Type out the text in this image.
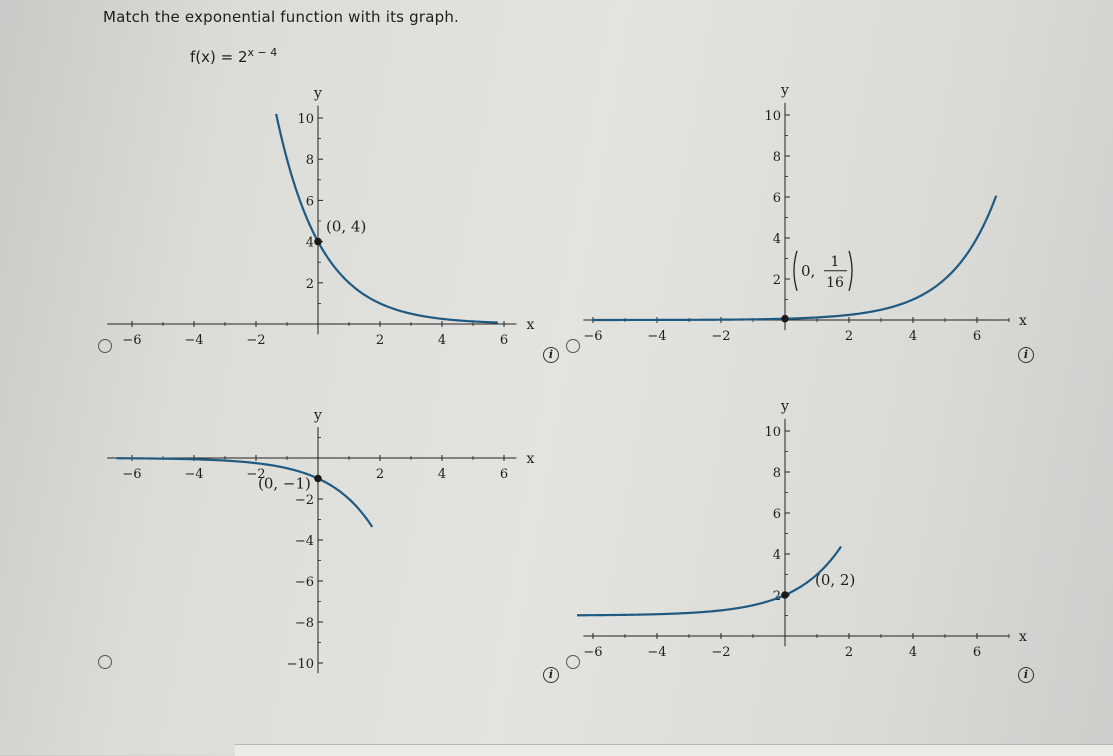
Match the exponential function with its graph.
$f(x) = 2^{x - 4}$
−6	−4	−2	2	4	6
2
4
6
8
10
x
y
(0, 4)
i
−6	−4	−2	2	4	6
2
4
6
8
10
x
y
0, 1
16
i
−6	−4	−2	2	4	6
−2
−4
−6
−8
−10
x
y
(0, −1)
−6	−4	−2	2	4	6
2
4
6
8
10
x
y
(0, 2)
i	i
